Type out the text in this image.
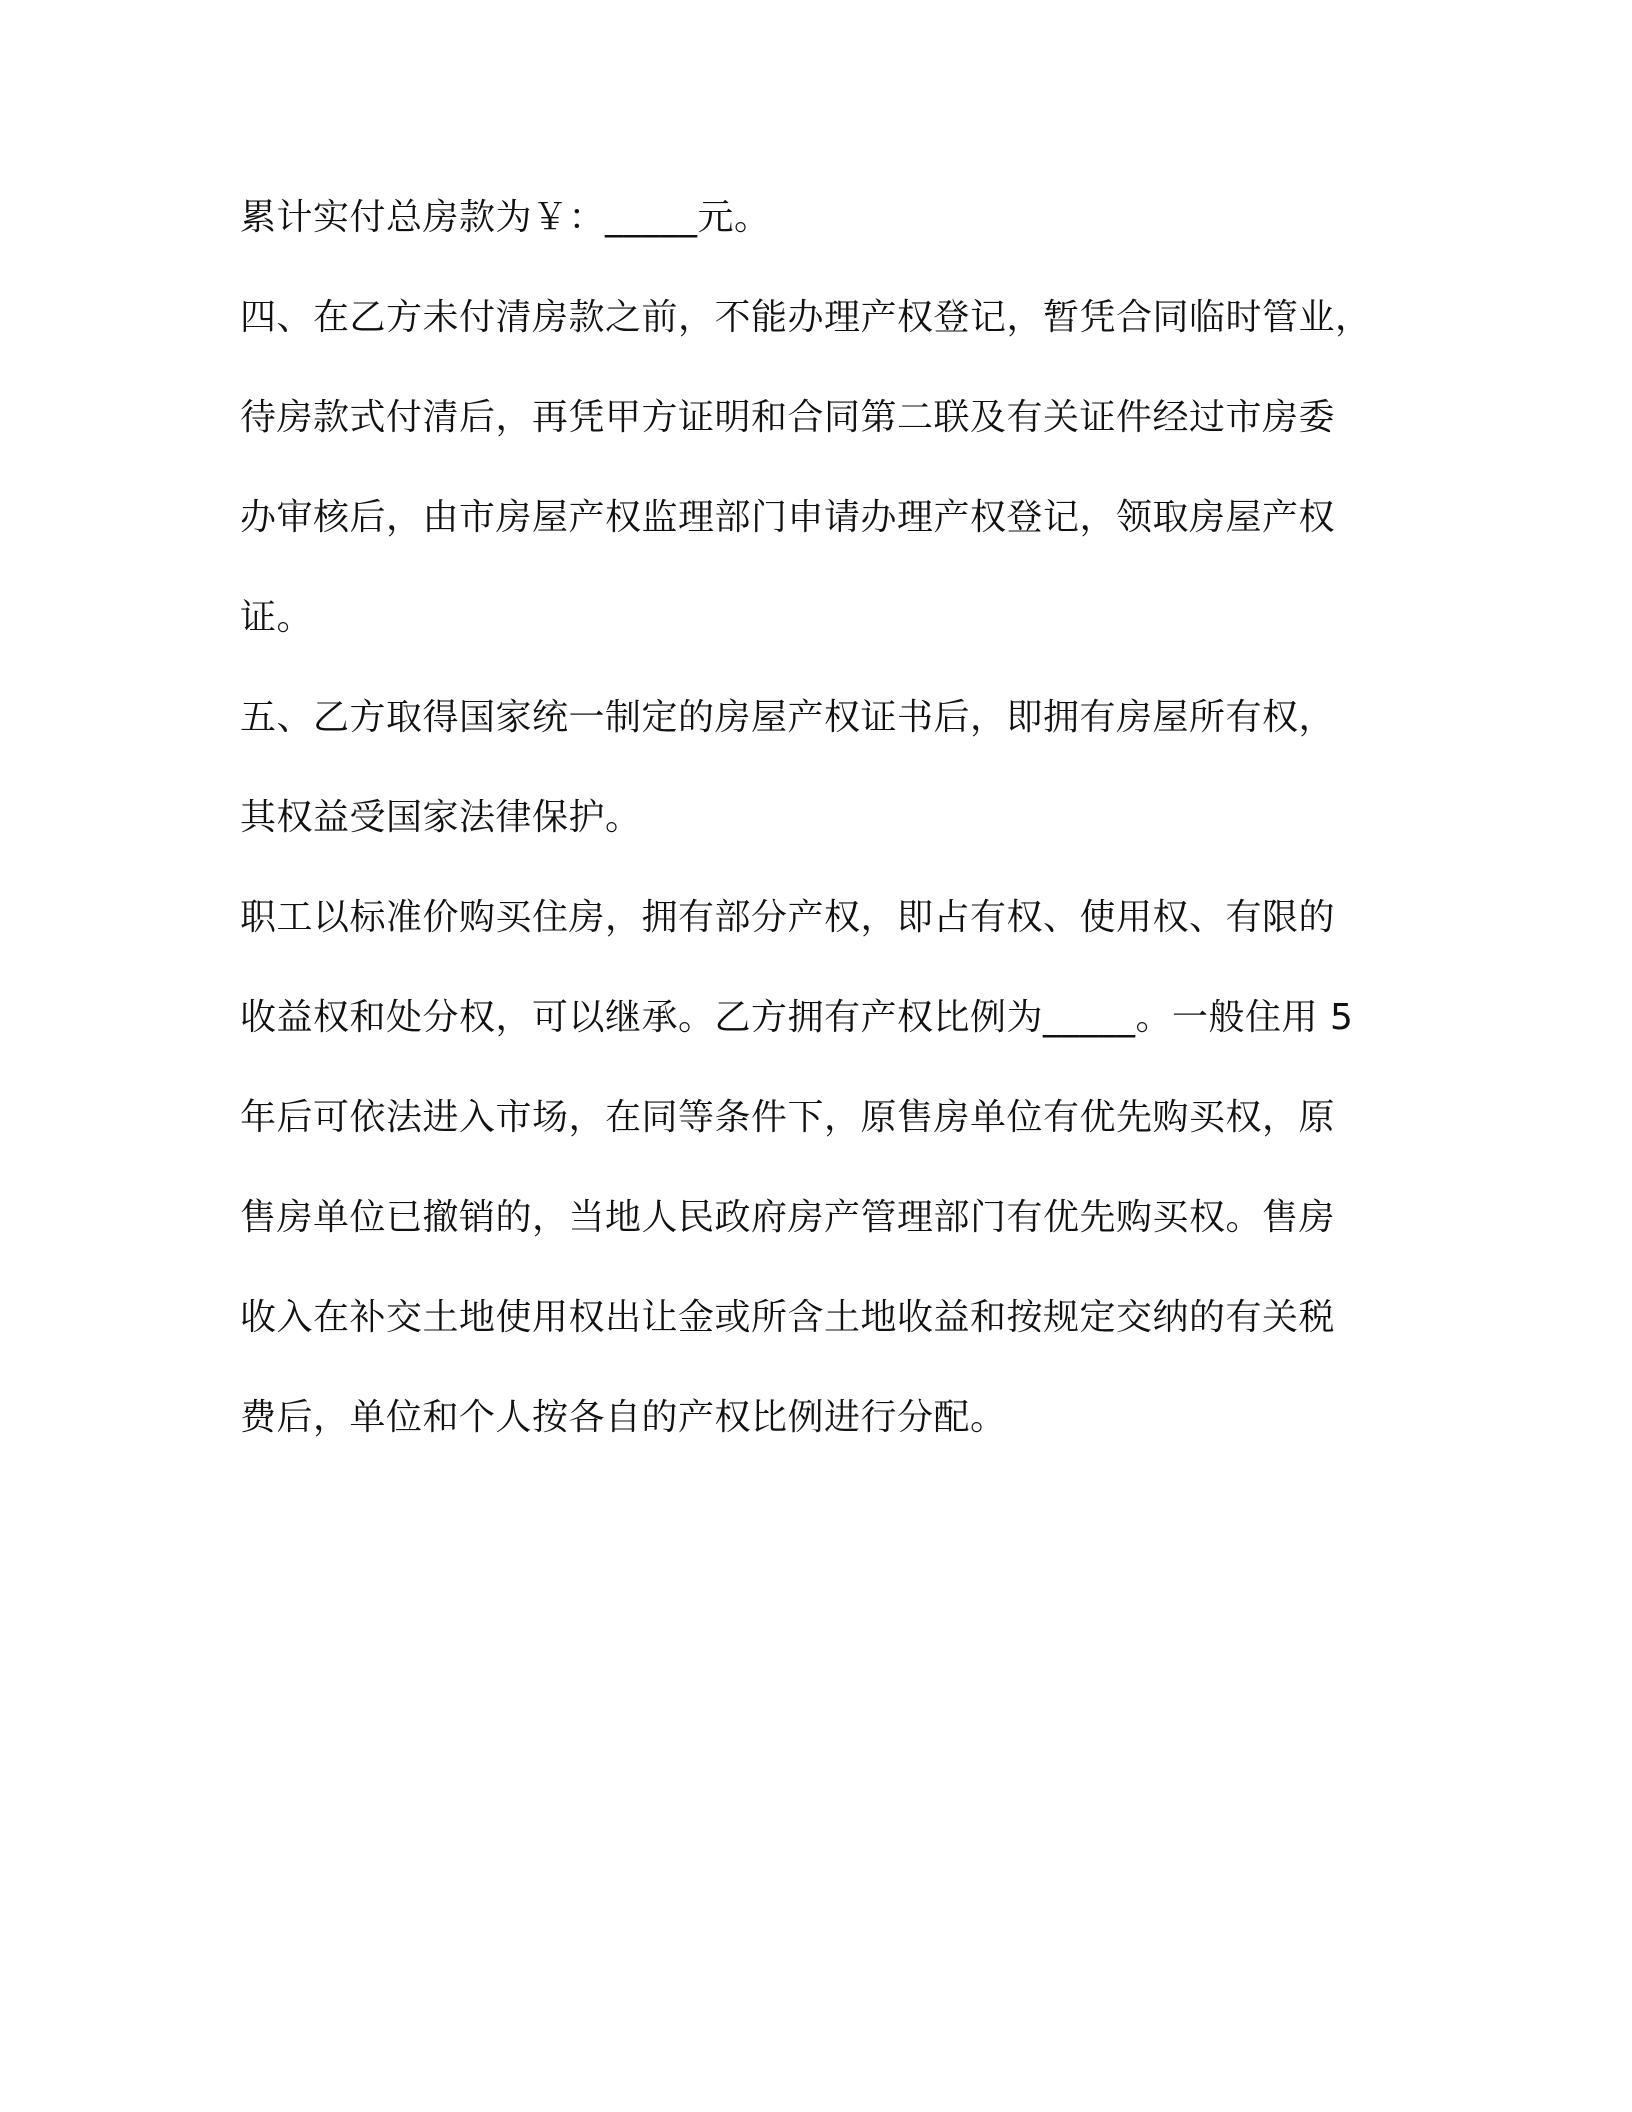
累计实付总房款为￥：_____元。

四、在乙方未付清房款之前，不能办理产权登记，暂凭合同临时管业，

待房款式付清后，再凭甲方证明和合同第二联及有关证件经过市房委

办审核后，由市房屋产权监理部门申请办理产权登记，领取房屋产权

证。

五、乙方取得国家统一制定的房屋产权证书后，即拥有房屋所有权，

其权益受国家法律保护。

职工以标准价购买住房，拥有部分产权，即占有权、使用权、有限的

收益权和处分权，可以继承。乙方拥有产权比例为_____。一般住用 5

年后可依法进入市场，在同等条件下，原售房单位有优先购买权，原

售房单位已撤销的，当地人民政府房产管理部门有优先购买权。售房

收入在补交土地使用权出让金或所含土地收益和按规定交纳的有关税

费后，单位和个人按各自的产权比例进行分配。
